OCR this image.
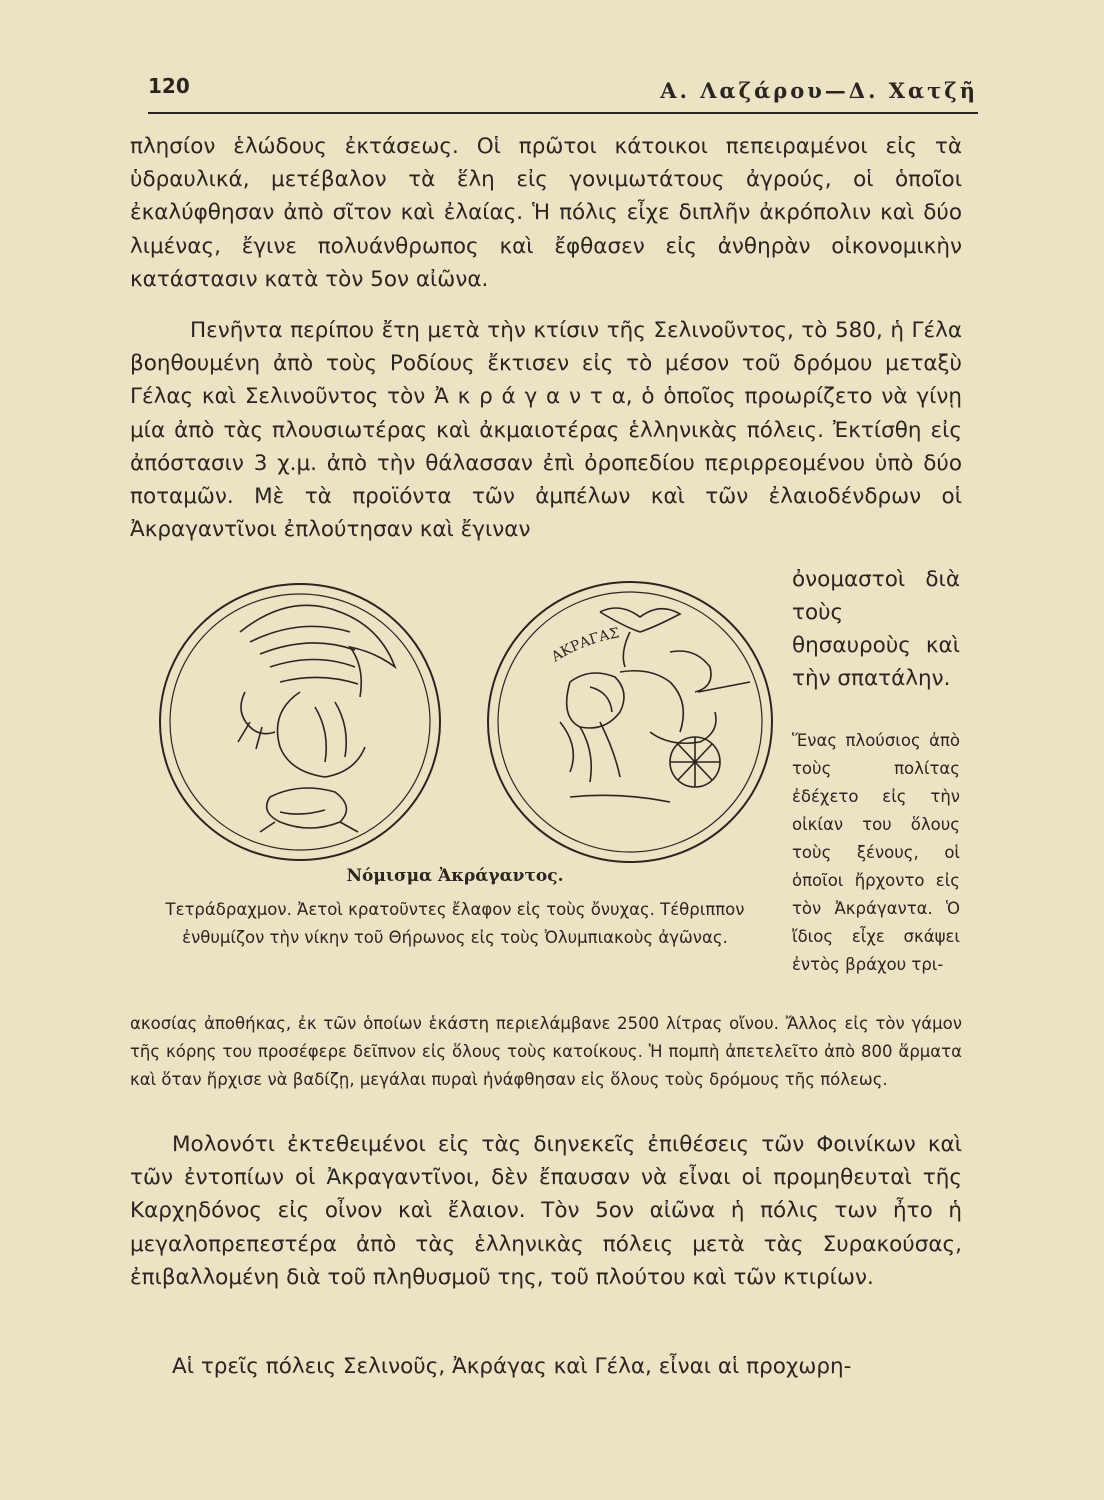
120	Α. Λαζάρου—Δ. Χατζῆ

πλησίον ἑλώδους ἐκτάσεως. Οἱ πρῶτοι κάτοικοι πεπειραμένοι εἰς τὰ ὑδραυλικά, μετέβαλον τὰ ἕλη εἰς γονιμωτάτους ἀγρούς, οἱ ὁποῖοι ἐκαλύφθησαν ἀπὸ σῖτον καὶ ἐλαίας. Ἡ πόλις εἶχε διπλῆν ἀκρόπολιν καὶ δύο λιμένας, ἔγινε πολυάνθρωπος καὶ ἔφθασεν εἰς ἀνθηρὰν οἰκονομικὴν κατάστασιν κατὰ τὸν 5ον αἰῶνα.

Πενῆντα περίπου ἔτη μετὰ τὴν κτίσιν τῆς Σελινοῦντος, τὸ 580, ἡ Γέλα βοηθουμένη ἀπὸ τοὺς Ροδίους ἔκτισεν εἰς τὸ μέσον τοῦ δρόμου μεταξὺ Γέλας καὶ Σελινοῦντος τὸν Ἀ κ ρ ά γ α ν τ α, ὁ ὁποῖος προωρίζετο νὰ γίνῃ μία ἀπὸ τὰς πλουσιωτέρας καὶ ἀκμαιοτέρας ἑλληνικὰς πόλεις. Ἐκτίσθη εἰς ἀπόστασιν 3 χ.μ. ἀπὸ τὴν θάλασσαν ἐπὶ ὀροπεδίου περιρρεομένου ὑπὸ δύο ποταμῶν. Μὲ τὰ προϊόντα τῶν ἀμπέλων καὶ τῶν ἐλαιοδένδρων οἱ Ἀκραγαντῖνοι ἐπλούτησαν καὶ ἔγιναν

ὀνομαστοὶ διὰ τοὺς θησαυροὺς καὶ τὴν σπατάλην.

ΑΚΡΑΓΑΣ

Νόμισμα Ἀκράγαντος.

Τετράδραχμον. Ἀετοὶ κρατοῦντες ἔλαφον εἰς τοὺς ὄνυχας. Τέθριππον ἐνθυμίζον τὴν νίκην τοῦ Θήρωνος εἰς τοὺς Ὀλυμπιακοὺς ἀγῶνας.

Ἕνας πλούσιος ἀπὸ τοὺς πολίτας ἐδέχετο εἰς τὴν οἰκίαν του ὅλους τοὺς ξένους, οἱ ὁποῖοι ἤρχοντο εἰς τὸν Ἀκράγαντα. Ὁ ἴδιος εἶχε σκάψει ἐντὸς βράχου τρι-

ακοσίας ἀποθήκας, ἐκ τῶν ὁποίων ἑκάστη περιελάμβανε 2500 λίτρας οἴνου. Ἄλλος εἰς τὸν γάμον τῆς κόρης του προσέφερε δεῖπνον εἰς ὅλους τοὺς κατοίκους. Ἡ πομπὴ ἀπετελεῖτο ἀπὸ 800 ἅρματα καὶ ὅταν ἤρχισε νὰ βαδίζῃ, μεγάλαι πυραὶ ἠνάφθησαν εἰς ὅλους τοὺς δρόμους τῆς πόλεως.

Μολονότι ἐκτεθειμένοι εἰς τὰς διηνεκεῖς ἐπιθέσεις τῶν Φοινίκων καὶ τῶν ἐντοπίων οἱ Ἀκραγαντῖνοι, δὲν ἔπαυσαν νὰ εἶναι οἱ προμηθευταὶ τῆς Καρχηδόνος εἰς οἶνον καὶ ἔλαιον. Τὸν 5ον αἰῶνα ἡ πόλις των ἦτο ἡ μεγαλοπρεπεστέρα ἀπὸ τὰς ἑλληνικὰς πόλεις μετὰ τὰς Συρακούσας, ἐπιβαλλομένη διὰ τοῦ πληθυσμοῦ της, τοῦ πλούτου καὶ τῶν κτιρίων.

Αἱ τρεῖς πόλεις Σελινοῦς, Ἀκράγας καὶ Γέλα, εἶναι αἱ προχωρη-
